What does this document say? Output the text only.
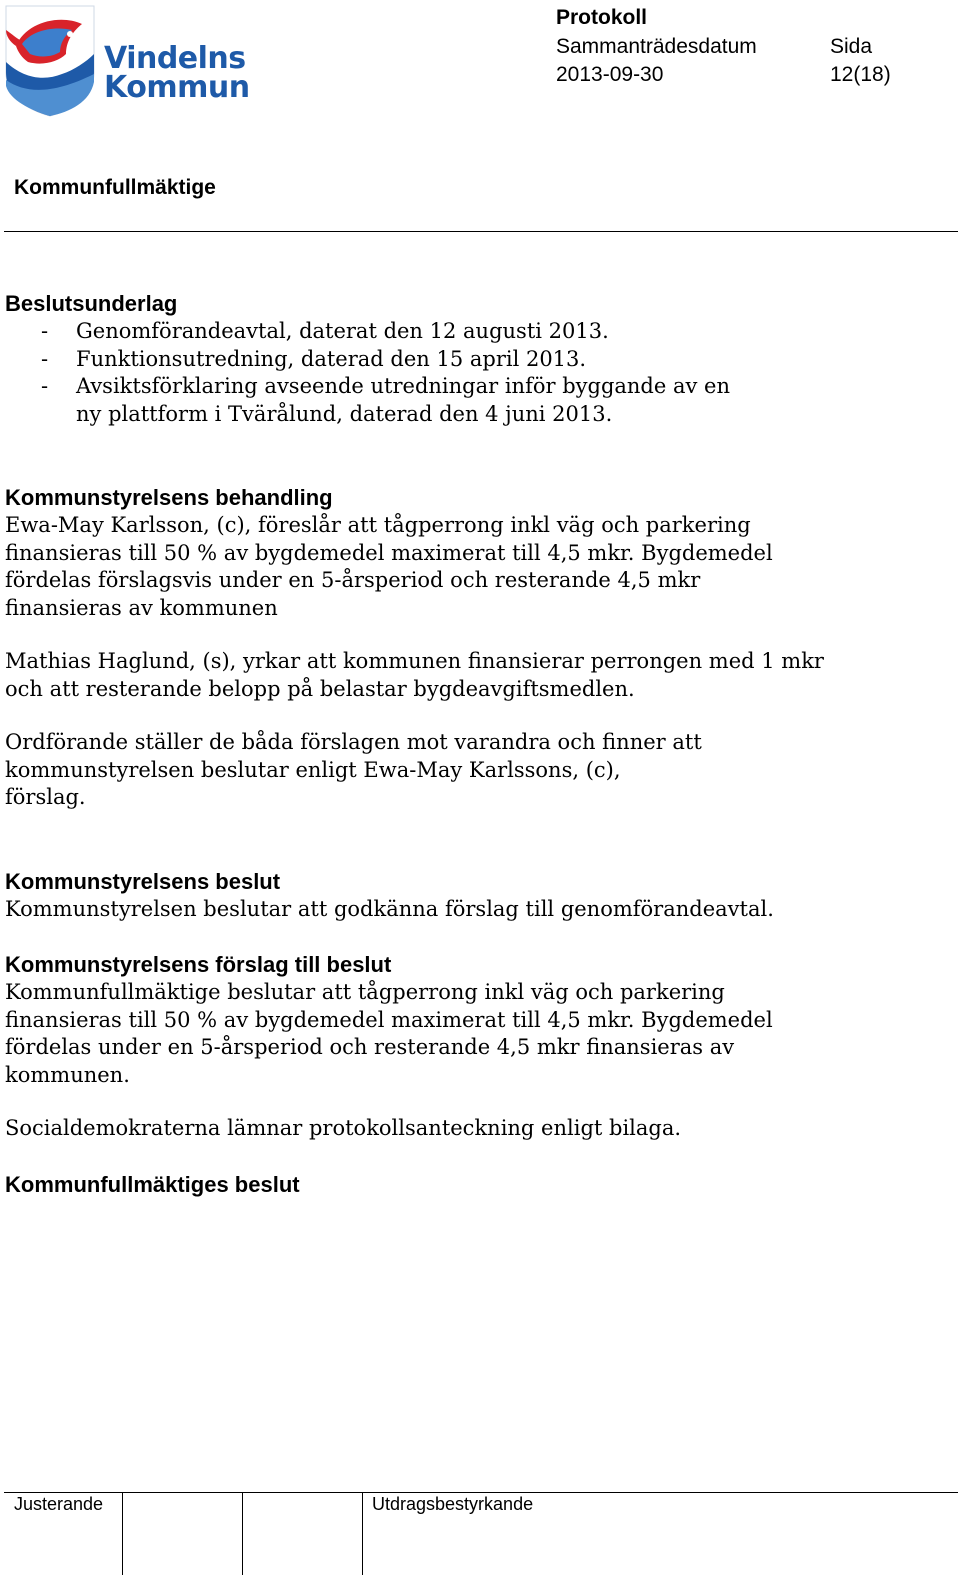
Vindelns
Kommun
Protokoll
Sammanträdesdatum	Sida
2013-09-30	12(18)
Kommunfullmäktige
Beslutsunderlag
- Genomförandeavtal, daterat den 12 augusti 2013.
- Funktionsutredning, daterad den 15 april 2013.
- Avsiktsförklaring avseende utredningar inför byggande av en ny plattform i Tvärålund, daterad den 4 juni 2013.
Kommunstyrelsens behandling

Ewa-May Karlsson, (c), föreslår att tågperrong inkl väg och parkering finansieras till 50 % av bygdemedel maximerat till 4,5 mkr. Bygdemedel fördelas förslagsvis under en 5-årsperiod och resterande 4,5 mkr finansieras av kommunen

Mathias Haglund, (s), yrkar att kommunen finansierar perrongen med 1 mkr och att resterande belopp på belastar bygdeavgiftsmedlen.

Ordförande ställer de båda förslagen mot varandra och finner att kommunstyrelsen beslutar enligt Ewa-May Karlssons, (c), förslag.

Kommunstyrelsens beslut

Kommunstyrelsen beslutar att godkänna förslag till genomförandeavtal.

Kommunstyrelsens förslag till beslut

Kommunfullmäktige beslutar att tågperrong inkl väg och parkering finansieras till 50 % av bygdemedel maximerat till 4,5 mkr. Bygdemedel fördelas under en 5-årsperiod och resterande 4,5 mkr finansieras av kommunen.

Socialdemokraterna lämnar protokollsanteckning enligt bilaga.

Kommunfullmäktiges beslut
Justerande	Utdragsbestyrkande
